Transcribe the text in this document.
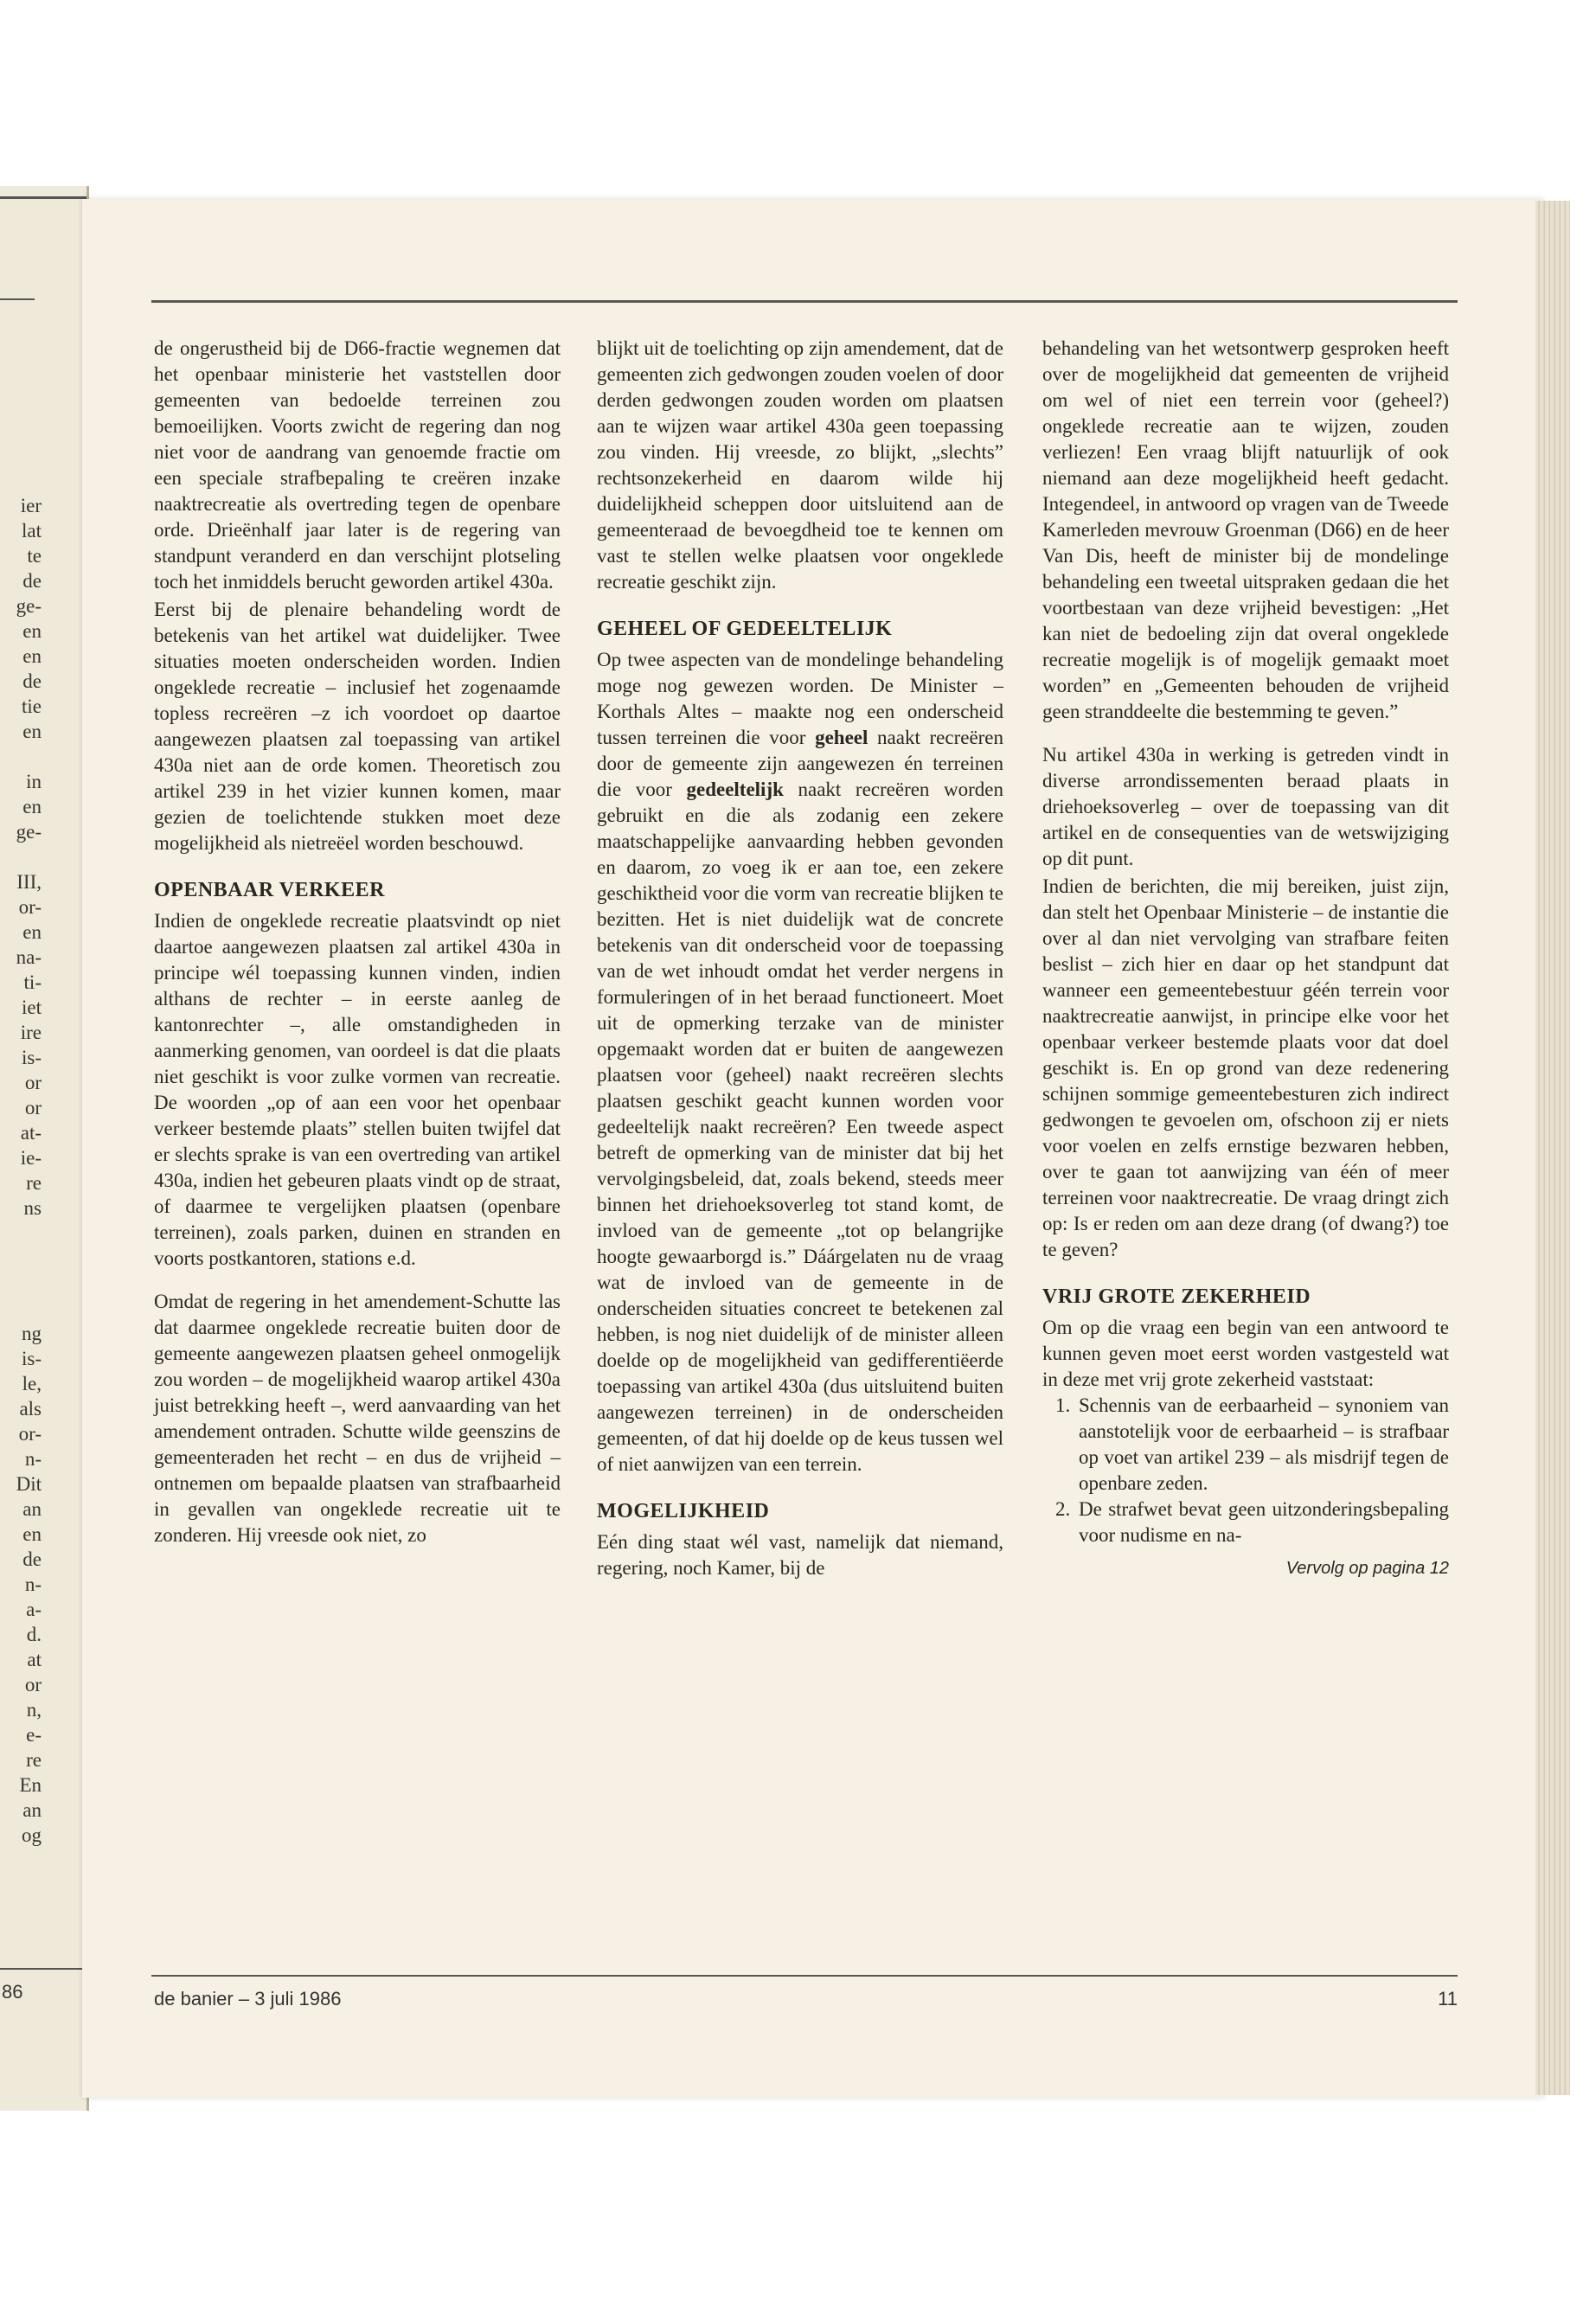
ier
lat
te
de
ge-
en
en
de
tie
en
in
en
ge-
III,
or-
en
na-
ti-
iet
ire
is-
or
or
at-
ie-
re
ns
ng
is-
le,
als
or-
n-
Dit
an
en
de
n-
a-
d.
at
or
n,
e-
re
En
an
og
86

de ongerustheid bij de D66-fractie wegnemen dat het openbaar ministerie het vaststellen door gemeenten van bedoelde terreinen zou bemoeilijken. Voorts zwicht de regering dan nog niet voor de aandrang van genoemde fractie om een speciale strafbepaling te creëren inzake naaktrecreatie als overtreding tegen de openbare orde. Drieënhalf jaar later is de regering van standpunt veranderd en dan verschijnt plotseling toch het inmiddels berucht geworden artikel 430a.

Eerst bij de plenaire behandeling wordt de betekenis van het artikel wat duidelijker. Twee situaties moeten onderscheiden worden. Indien ongeklede recreatie – inclusief het zogenaamde topless recreëren –z ich voordoet op daartoe aangewezen plaatsen zal toepassing van artikel 430a niet aan de orde komen. Theoretisch zou artikel 239 in het vizier kunnen komen, maar gezien de toelichtende stukken moet deze mogelijkheid als nietreëel worden beschouwd.

OPENBAAR VERKEER

Indien de ongeklede recreatie plaatsvindt op niet daartoe aangewezen plaatsen zal artikel 430a in principe wél toepassing kunnen vinden, indien althans de rechter – in eerste aanleg de kantonrechter –, alle omstandigheden in aanmerking genomen, van oordeel is dat die plaats niet geschikt is voor zulke vormen van recreatie. De woorden „op of aan een voor het openbaar verkeer bestemde plaats” stellen buiten twijfel dat er slechts sprake is van een overtreding van artikel 430a, indien het gebeuren plaats vindt op de straat, of daarmee te vergelijken plaatsen (openbare terreinen), zoals parken, duinen en stranden en voorts postkantoren, stations e.d.

Omdat de regering in het amendement-Schutte las dat daarmee ongeklede recreatie buiten door de gemeente aangewezen plaatsen geheel onmogelijk zou worden – de mogelijkheid waarop artikel 430a juist betrekking heeft –, werd aanvaarding van het amendement ontraden. Schutte wilde geenszins de gemeenteraden het recht – en dus de vrijheid – ontnemen om bepaalde plaatsen van strafbaarheid in gevallen van ongeklede recreatie uit te zonderen. Hij vreesde ook niet, zo

blijkt uit de toelichting op zijn amendement, dat de gemeenten zich gedwongen zouden voelen of door derden gedwongen zouden worden om plaatsen aan te wijzen waar artikel 430a geen toepassing zou vinden. Hij vreesde, zo blijkt, „slechts” rechtsonzekerheid en daarom wilde hij duidelijkheid scheppen door uitsluitend aan de gemeenteraad de bevoegdheid toe te kennen om vast te stellen welke plaatsen voor ongeklede recreatie geschikt zijn.

GEHEEL OF GEDEELTELIJK

Op twee aspecten van de mondelinge behandeling moge nog gewezen worden. De Minister – Korthals Altes – maakte nog een onderscheid tussen terreinen die voor geheel naakt recreëren door de gemeente zijn aangewezen én terreinen die voor gedeeltelijk naakt recreëren worden gebruikt en die als zodanig een zekere maatschappelijke aanvaarding hebben gevonden en daarom, zo voeg ik er aan toe, een zekere geschiktheid voor die vorm van recreatie blijken te bezitten. Het is niet duidelijk wat de concrete betekenis van dit onderscheid voor de toepassing van de wet inhoudt omdat het verder nergens in formuleringen of in het beraad functioneert. Moet uit de opmerking terzake van de minister opgemaakt worden dat er buiten de aangewezen plaatsen voor (geheel) naakt recreëren slechts plaatsen geschikt geacht kunnen worden voor gedeeltelijk naakt recreëren? Een tweede aspect betreft de opmerking van de minister dat bij het vervolgingsbeleid, dat, zoals bekend, steeds meer binnen het driehoeksoverleg tot stand komt, de invloed van de gemeente „tot op belangrijke hoogte gewaarborgd is.” Dáárgelaten nu de vraag wat de invloed van de gemeente in de onderscheiden situaties concreet te betekenen zal hebben, is nog niet duidelijk of de minister alleen doelde op de mogelijkheid van gedifferentiëerde toepassing van artikel 430a (dus uitsluitend buiten aangewezen terreinen) in de onderscheiden gemeenten, of dat hij doelde op de keus tussen wel of niet aanwijzen van een terrein.

MOGELIJKHEID

Eén ding staat wél vast, namelijk dat niemand, regering, noch Kamer, bij de

behandeling van het wetsontwerp gesproken heeft over de mogelijkheid dat gemeenten de vrijheid om wel of niet een terrein voor (geheel?) ongeklede recreatie aan te wijzen, zouden verliezen! Een vraag blijft natuurlijk of ook niemand aan deze mogelijkheid heeft gedacht. Integendeel, in antwoord op vragen van de Tweede Kamerleden mevrouw Groenman (D66) en de heer Van Dis, heeft de minister bij de mondelinge behandeling een tweetal uitspraken gedaan die het voortbestaan van deze vrijheid bevestigen: „Het kan niet de bedoeling zijn dat overal ongeklede recreatie mogelijk is of mogelijk gemaakt moet worden” en „Gemeenten behouden de vrijheid geen stranddeelte die bestemming te geven.”

Nu artikel 430a in werking is getreden vindt in diverse arrondissementen beraad plaats in driehoeksoverleg – over de toepassing van dit artikel en de consequenties van de wetswijziging op dit punt.

Indien de berichten, die mij bereiken, juist zijn, dan stelt het Openbaar Ministerie – de instantie die over al dan niet vervolging van strafbare feiten beslist – zich hier en daar op het standpunt dat wanneer een gemeentebestuur géén terrein voor naaktrecreatie aanwijst, in principe elke voor het openbaar verkeer bestemde plaats voor dat doel geschikt is. En op grond van deze redenering schijnen sommige gemeentebesturen zich indirect gedwongen te gevoelen om, ofschoon zij er niets voor voelen en zelfs ernstige bezwaren hebben, over te gaan tot aanwijzing van één of meer terreinen voor naaktrecreatie. De vraag dringt zich op: Is er reden om aan deze drang (of dwang?) toe te geven?

VRIJ GROTE ZEKERHEID

Om op die vraag een begin van een antwoord te kunnen geven moet eerst worden vastgesteld wat in deze met vrij grote zekerheid vaststaat:

1. Schennis van de eerbaarheid – synoniem van aanstotelijk voor de eerbaarheid – is strafbaar op voet van artikel 239 – als misdrijf tegen de openbare zeden.
2. De strafwet bevat geen uitzonderingsbepaling voor nudisme en na-
Vervolg op pagina 12
de banier – 3 juli 1986	11
